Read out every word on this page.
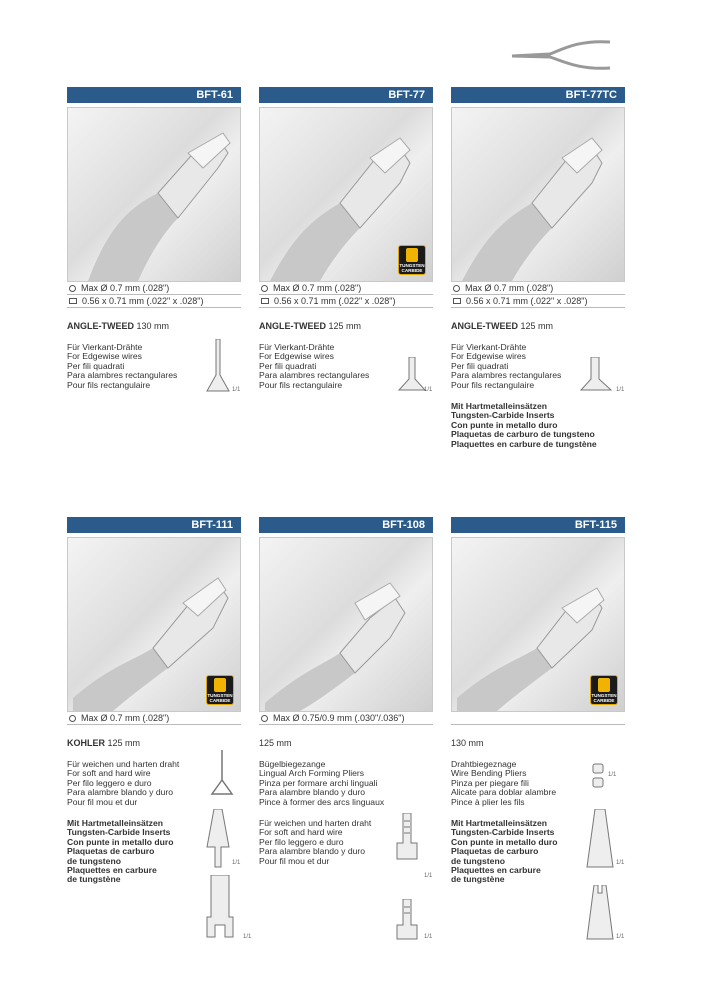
BFT-61
Max Ø 0.7 mm (.028")
0.56 x 0.71 mm (.022" x .028")
ANGLE-TWEED 130 mm
Für Vierkant-Drähte
For Edgewise wires
Per fili quadrati
Para alambres rectangulares
Pour fils rectangulaire
1/1
BFT-77
TUNGSTEN
CARBIDE
Max Ø 0.7 mm (.028")
0.56 x 0.71 mm (.022" x .028")
ANGLE-TWEED 125 mm
Für Vierkant-Drähte
For Edgewise wires
Per fili quadrati
Para alambres rectangulares
Pour fils rectangulaire
1/1
BFT-77TC
Max Ø 0.7 mm (.028")
0.56 x 0.71 mm (.022" x .028")
ANGLE-TWEED 125 mm
Für Vierkant-Drähte
For Edgewise wires
Per fili quadrati
Para alambres rectangulares
Pour fils rectangulaire
Mit Hartmetalleinsätzen
Tungsten-Carbide Inserts
Con punte in metallo duro
Plaquetas de carburo de tungsteno
Plaquettes en carbure de tungstène
1/1
BFT-111
TUNGSTEN
CARBIDE
Max Ø 0.7 mm (.028")
KOHLER 125 mm
Für weichen und harten draht
For soft and hard wire
Per filo leggero e duro
Para alambre blando y duro
Pour fil mou et dur
Mit Hartmetalleinsätzen
Tungsten-Carbide Inserts
Con punte in metallo duro
Plaquetas de carburo
de tungsteno
Plaquettes en carbure
de tungstène
1/1
1/1
BFT-108
Max Ø 0.75/0.9 mm (.030"/.036")
125 mm
Bügelbiegezange
Lingual Arch Forming Pliers
Pinza per formare archi linguali
Para alambre blando y duro
Pince à former des arcs linguaux
Für weichen und harten draht
For soft and hard wire
Per filo leggero e duro
Para alambre blando y duro
Pour fil mou et dur
1/1
1/1
BFT-115
TUNGSTEN
CARBIDE
130 mm
Drahtbiegeznage
Wire Bending Pliers
Pinza per piegare fili
Alicate para doblar alambre
Pince à plier les fils
Mit Hartmetalleinsätzen
Tungsten-Carbide Inserts
Con punte in metallo duro
Plaquetas de carburo
de tungsteno
Plaquettes en carbure
de tungstène
1/1
1/1
1/1
